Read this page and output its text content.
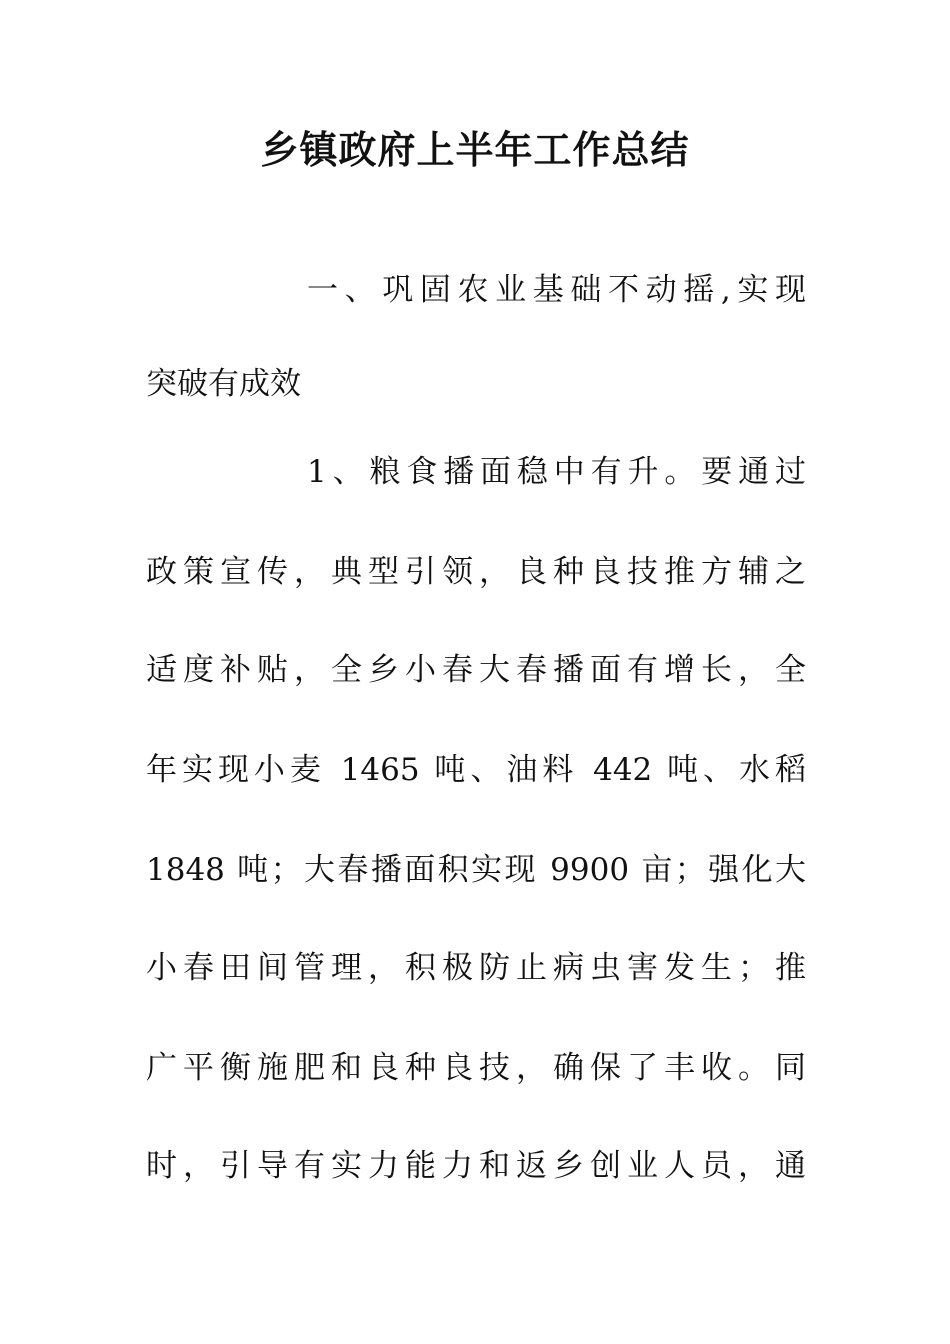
乡镇政府上半年工作总结

一、巩固农业基础不动摇,实现

突破有成效

1、粮食播面稳中有升。要通过

政策宣传，典型引领，良种良技推方辅之

适度补贴，全乡小春大春播面有增长，全

年实现小麦 1465 吨、油料 442 吨、水稻

1848 吨；大春播面积实现 9900 亩；强化大

小春田间管理，积极防止病虫害发生；推

广平衡施肥和良种良技，确保了丰收。同

时，引导有实力能力和返乡创业人员，通
